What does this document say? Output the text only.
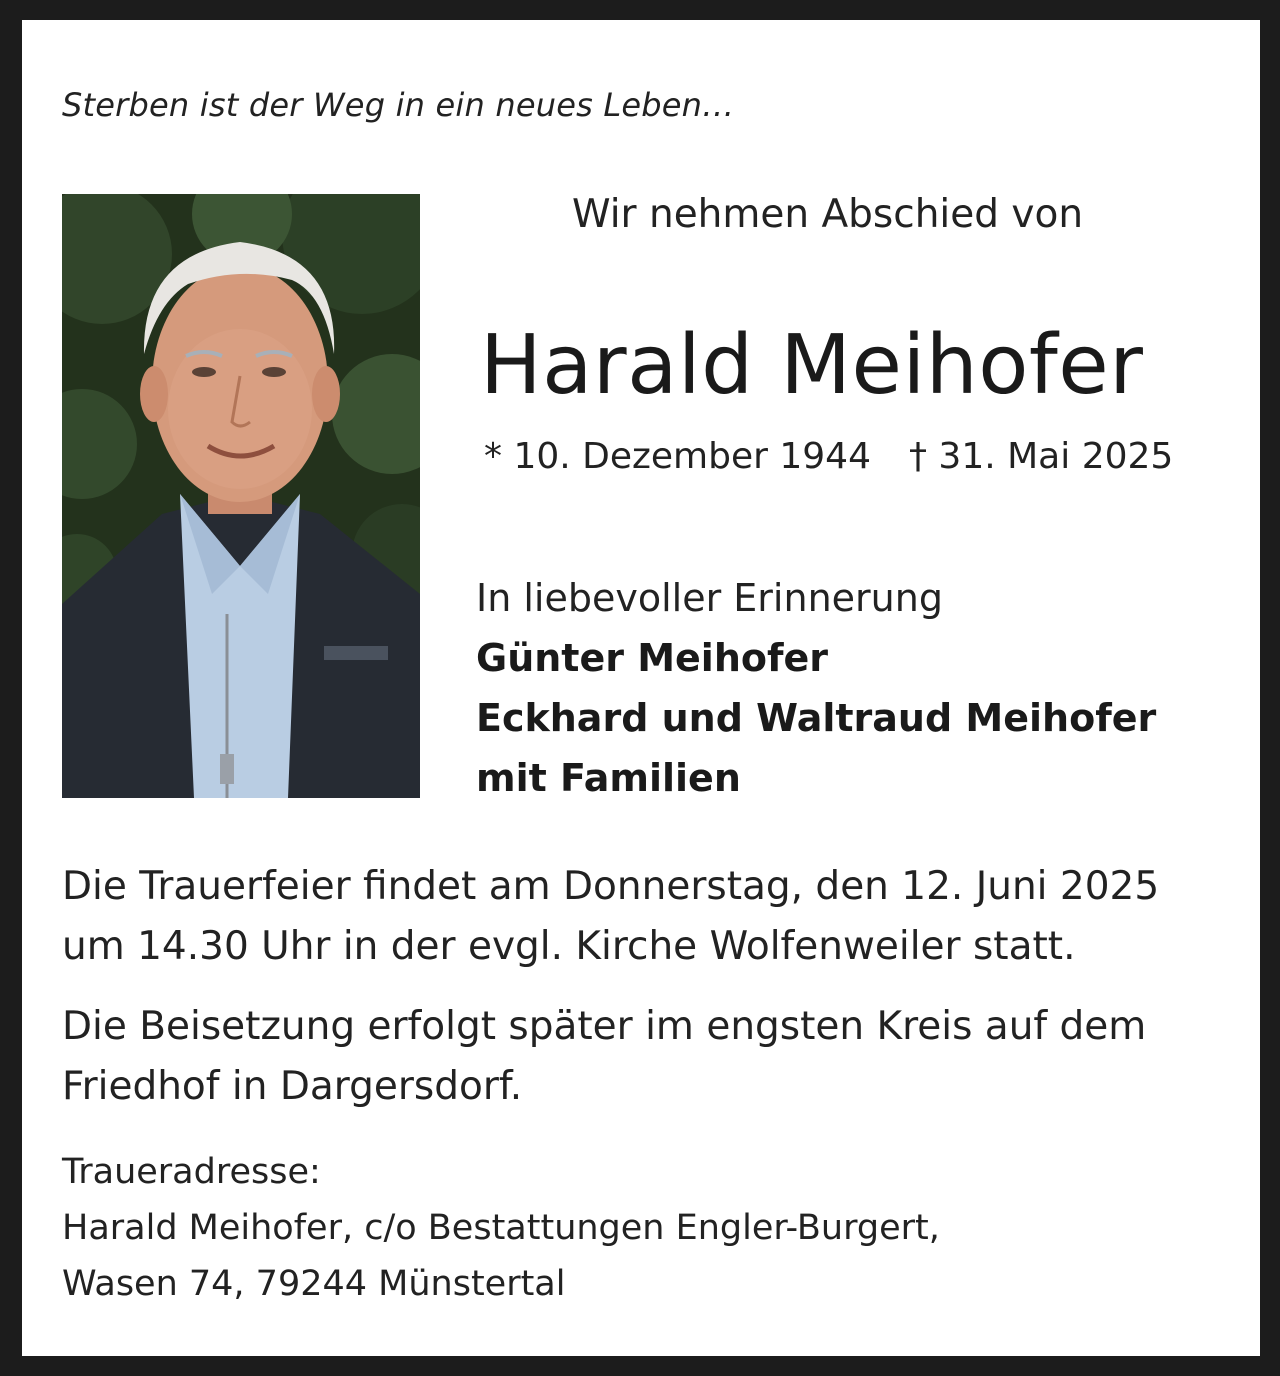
Sterben ist der Weg in ein neues Leben…
Wir nehmen Abschied von
Harald Meihofer
* 10. Dezember 1944 † 31. Mai 2025
In liebevoller Erinnerung
Günter Meihofer
Eckhard und Waltraud Meihofer
mit Familien
Die Trauerfeier findet am Donnerstag, den 12. Juni 2025
um 14.30 Uhr in der evgl. Kirche Wolfenweiler statt.
Die Beisetzung erfolgt später im engsten Kreis auf dem
Friedhof in Dargersdorf.
Traueradresse:
Harald Meihofer, c/o Bestattungen Engler-Burgert,
Wasen 74, 79244 Münstertal
